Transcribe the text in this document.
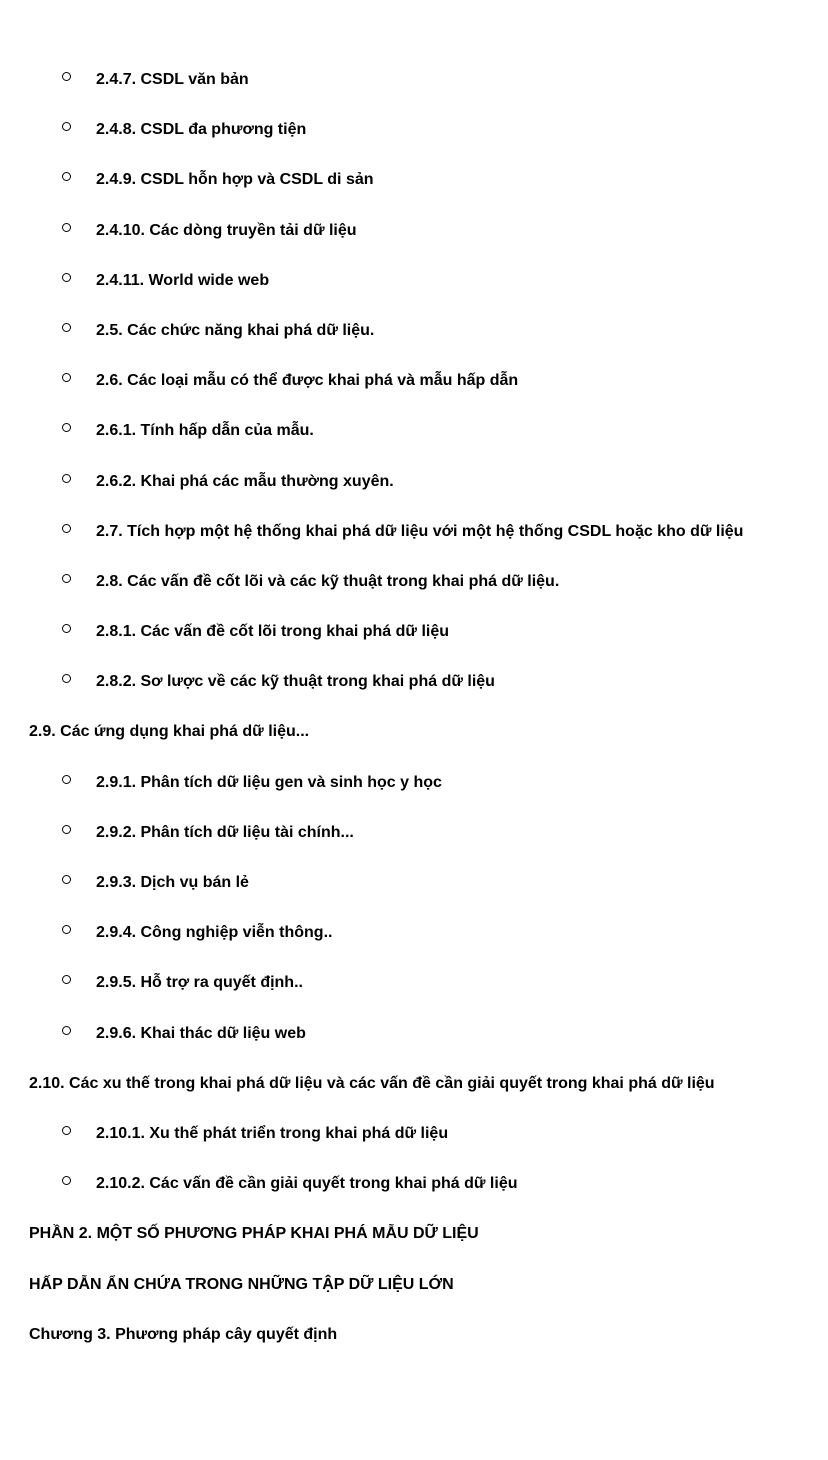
2.4.7. CSDL văn bản
2.4.8. CSDL đa phương tiện
2.4.9. CSDL hỗn hợp và CSDL di sản
2.4.10. Các dòng truyền tải dữ liệu
2.4.11. World wide web
2.5. Các chức năng khai phá dữ liệu.
2.6. Các loại mẫu có thể được khai phá và mẫu hấp dẫn
2.6.1. Tính hấp dẫn của mẫu.
2.6.2. Khai phá các mẫu thường xuyên.
2.7. Tích hợp một hệ thống khai phá dữ liệu với một hệ thống CSDL hoặc kho dữ liệu
2.8. Các vấn đề cốt lõi và các kỹ thuật trong khai phá dữ liệu.
2.8.1. Các vấn đề cốt lõi trong khai phá dữ liệu
2.8.2. Sơ lược về các kỹ thuật trong khai phá dữ liệu
2.9. Các ứng dụng khai phá dữ liệu...
2.9.1. Phân tích dữ liệu gen và sinh học y học
2.9.2. Phân tích dữ liệu tài chính...
2.9.3. Dịch vụ bán lẻ
2.9.4. Công nghiệp viễn thông..
2.9.5. Hỗ trợ ra quyết định..
2.9.6. Khai thác dữ liệu web
2.10. Các xu thế trong khai phá dữ liệu và các vấn đề cần giải quyết trong khai phá dữ liệu
2.10.1. Xu thế phát triển trong khai phá dữ liệu
2.10.2. Các vấn đề cần giải quyết trong khai phá dữ liệu
PHẦN 2. MỘT SỐ PHƯƠNG PHÁP KHAI PHÁ MẪU DỮ LIỆU
HẤP DẪN ẨN CHỨA TRONG NHỮNG TẬP DỮ LIỆU LỚN
Chương 3. Phương pháp cây quyết định
